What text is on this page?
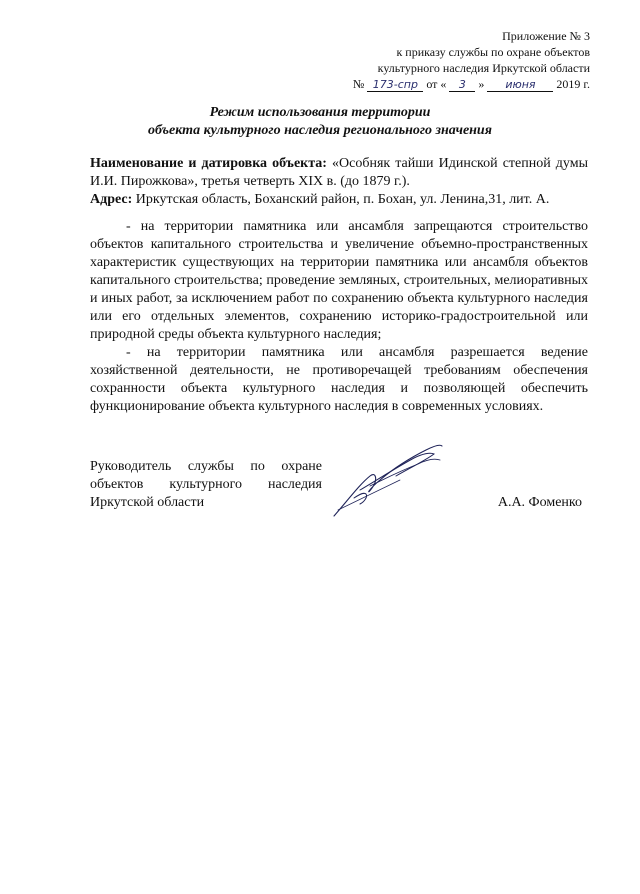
Приложение № 3
к приказу службы по охране объектов
культурного наследия Иркутской области
№ 173-спр от « 3 » июня 2019 г.
Режим использования территории
объекта культурного наследия регионального значения

Наименование и датировка объекта: «Особняк тайши Идинской степной думы И.И. Пирожкова», третья четверть XIX в. (до 1879 г.).

Адрес: Иркутская область, Боханский район, п. Бохан, ул. Ленина,31, лит. А.

- на территории памятника или ансамбля запрещаются строительство объектов капитального строительства и увеличение объемно-пространственных характеристик существующих на территории памятника или ансамбля объектов капитального строительства; проведение земляных, строительных, мелиоративных и иных работ, за исключением работ по сохранению объекта культурного наследия или его отдельных элементов, сохранению историко-градостроительной или природной среды объекта культурного наследия;

- на территории памятника или ансамбля разрешается ведение хозяйственной деятельности, не противоречащей требованиям обеспечения сохранности объекта культурного наследия и позволяющей обеспечить функционирование объекта культурного наследия в современных условиях.

Руководитель службы по охране
объектов культурного наследия
Иркутской области	А.А. Фоменко
